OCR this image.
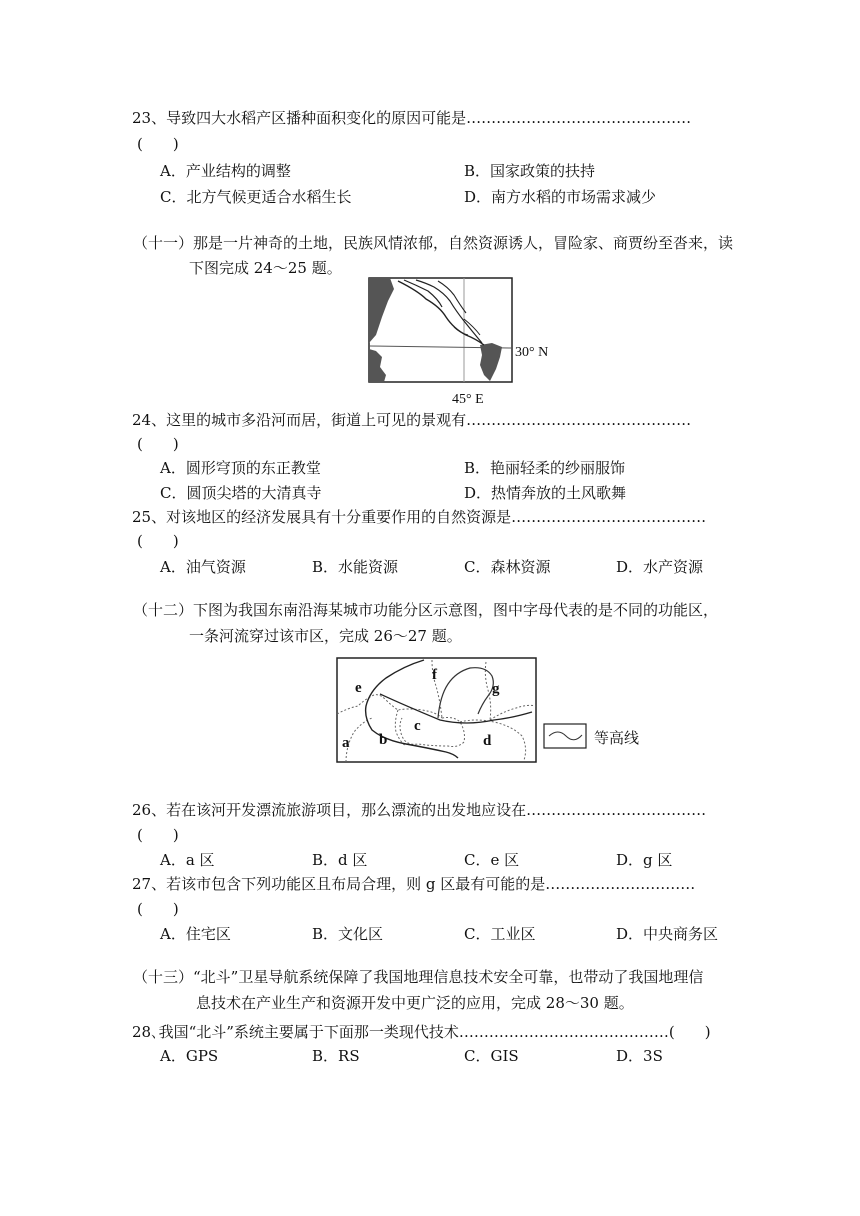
23、导致四大水稻产区播种面积变化的原因可能是………………………………………
(　　)
A．产业结构的调整	B．国家政策的扶持
C．北方气候更适合水稻生长	D．南方水稻的市场需求减少
（十一）那是一片神奇的土地，民族风情浓郁，自然资源诱人，冒险家、商贾纷至沓来，读
下图完成 24～25 题。
30° N
45° E
24、这里的城市多沿河而居，街道上可见的景观有………………………………………
(　　)
A．圆形穹顶的东正教堂	B．艳丽轻柔的纱丽服饰
C．圆顶尖塔的大清真寺	D．热情奔放的土风歌舞
25、对该地区的经济发展具有十分重要作用的自然资源是…………………………………
(　　)
A．油气资源	B．水能资源	C．森林资源	D．水产资源
（十二）下图为我国东南沿海某城市功能分区示意图，图中字母代表的是不同的功能区，
一条河流穿过该市区，完成 26～27 题。
a b
c
d
e
f
g
等高线
26、若在该河开发漂流旅游项目，那么漂流的出发地应设在………………………………
(　　)
A．a 区	B．d 区	C．e 区	D．g 区
27、若该市包含下列功能区且布局合理，则 g 区最有可能的是…………………………
(　　)
A．住宅区	B．文化区	C．工业区	D．中央商务区
（十三）“北斗”卫星导航系统保障了我国地理信息技术安全可靠，也带动了我国地理信
息技术在产业生产和资源开发中更广泛的应用，完成 28～30 题。
28､我国“北斗”系统主要属于下面那一类现代技术……………………………………(　　)
A．GPS	B．RS	C．GIS	D．3S
